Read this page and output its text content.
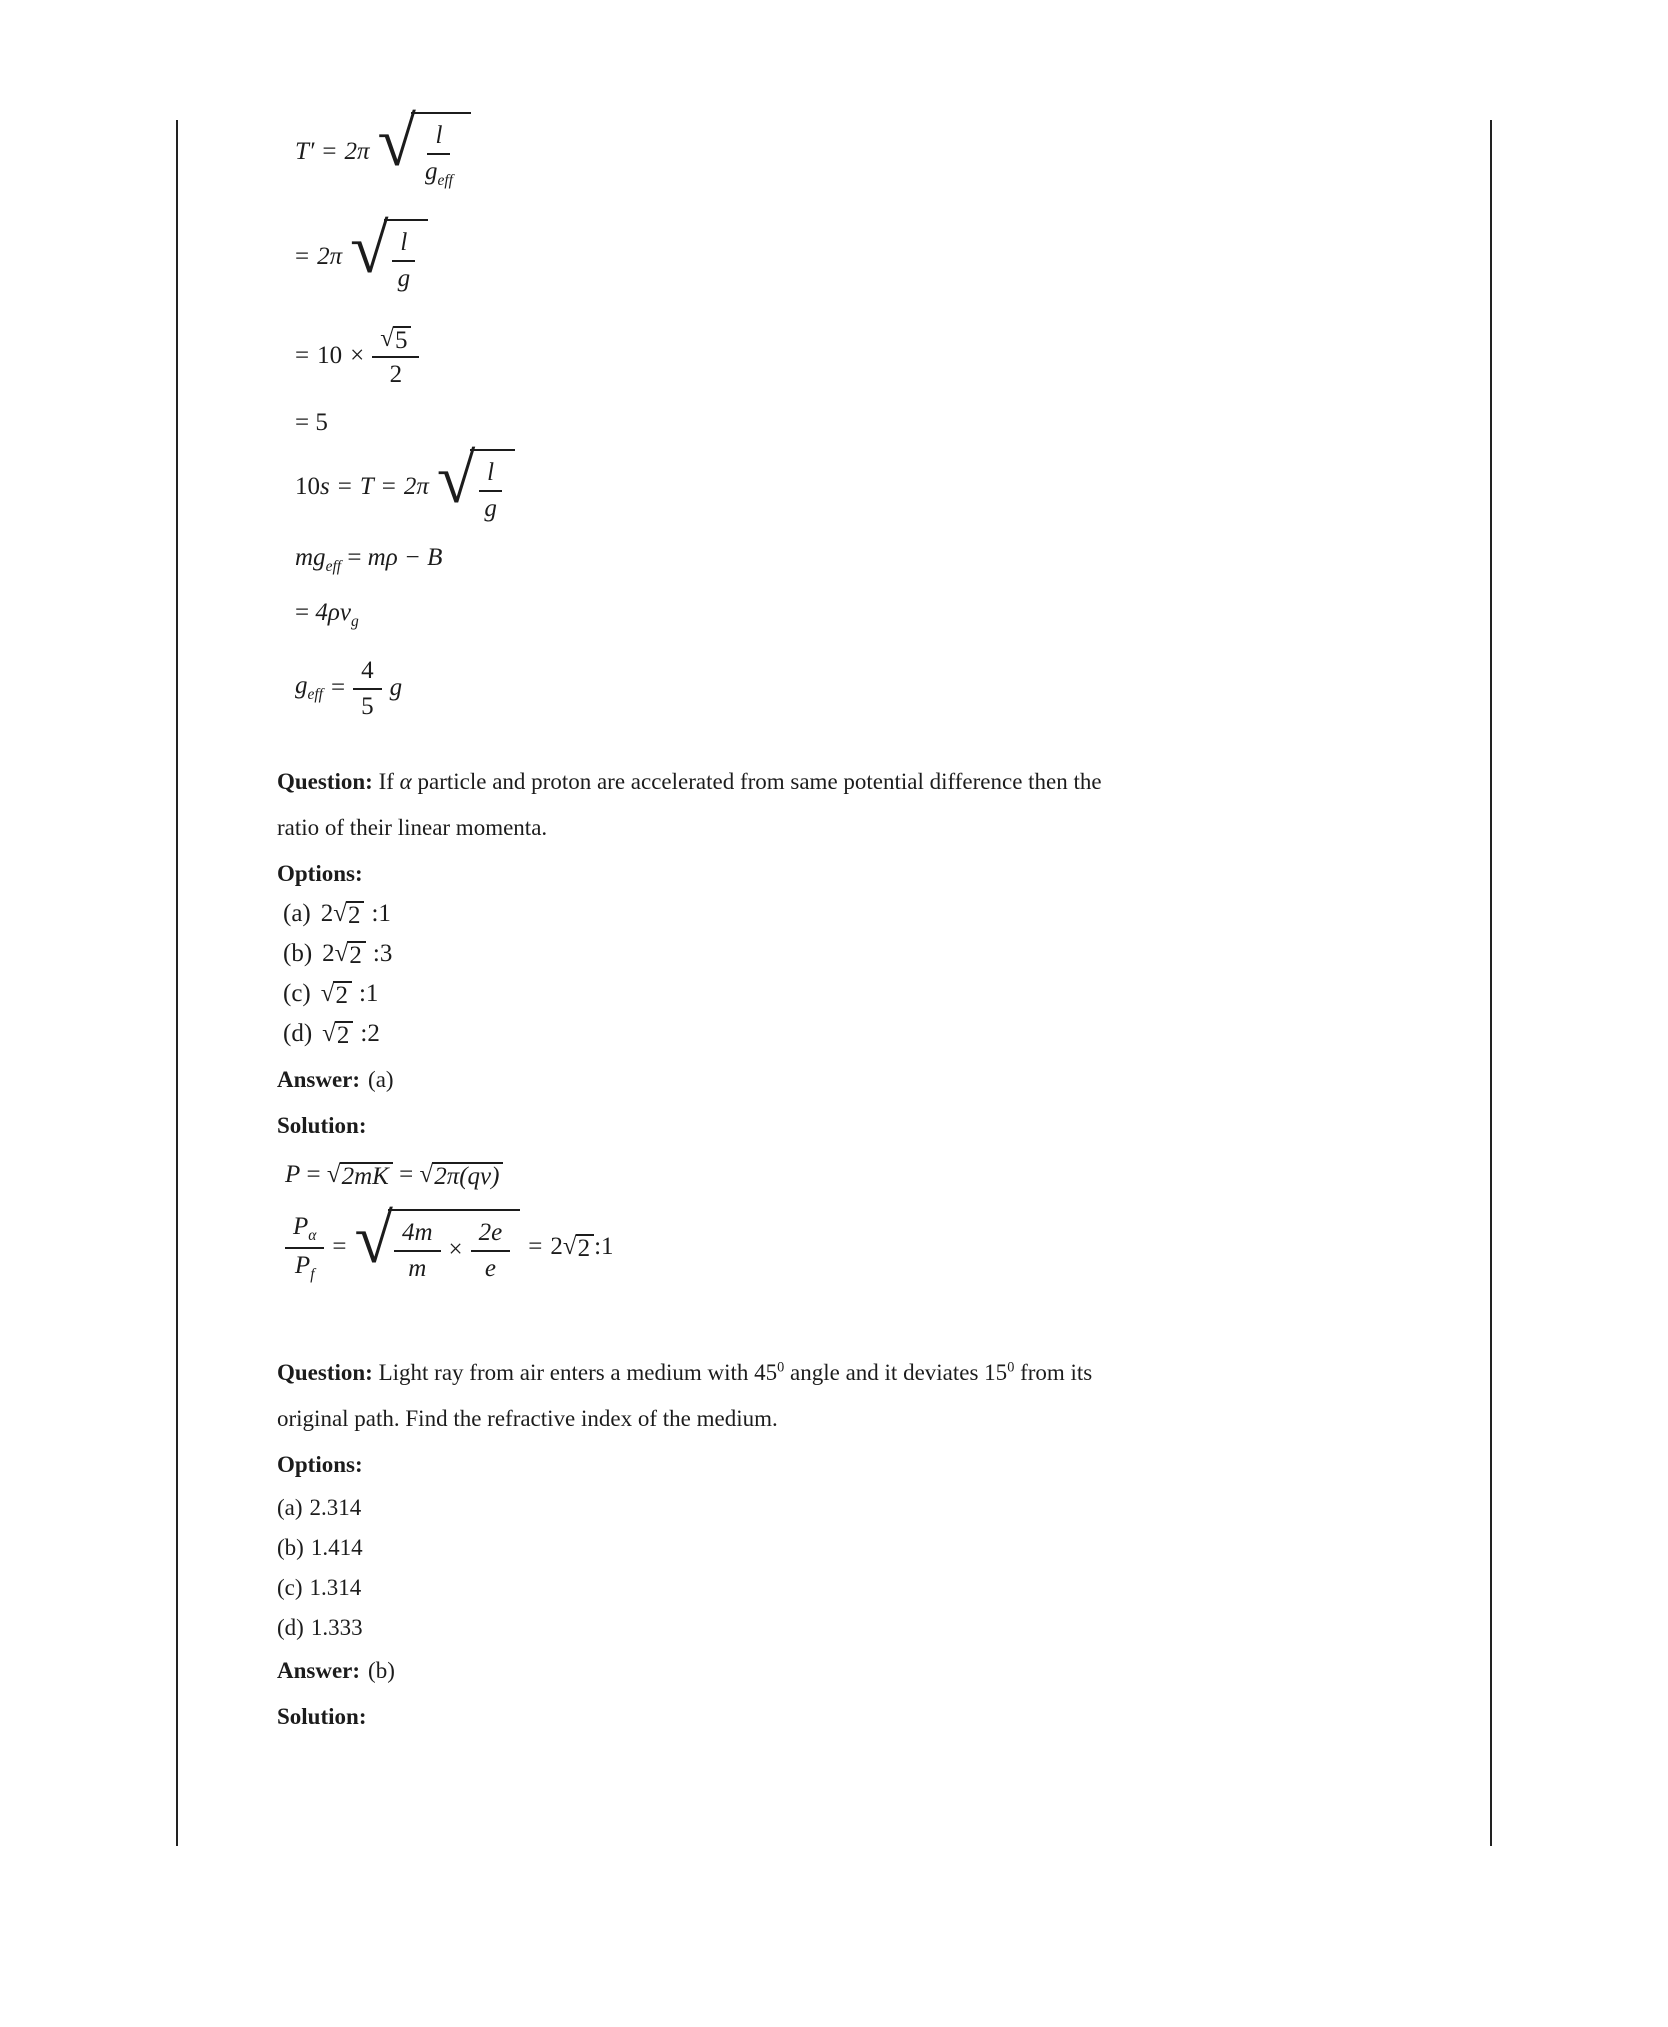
T′ = 2π √ $\frac{l}{g_{eff}}$
= 2π √ $\frac{l}{g}$
= $10 \times \frac{√ 5}{2}$
= 5
10s = T = 2π √ $\frac{l}{g}$
$mg_{eff} = m\rho - B$
= $4\rho v_g$
$g_{eff} = \frac{4}{5}$ g

Question: If α particle and proton are accelerated from same potential difference then the
ratio of their linear momenta.

Options:

(a) 2 √ 2 :1
(b) 2 √ 2 :3
(c) √ 2 :1
(d) √ 2 :2

Answer: (a)

Solution:

P = √ 2mK = √ 2π(qv)
$\frac{P_\alpha}{P_f}$ = √ $\frac{4m}{m} \times \frac{2e}{e} = 2$ √ 2 :1

Question: Light ray from air enters a medium with $45^0$ angle and it deviates $15^0$ from its
original path. Find the refractive index of the medium.

Options:

(a) 2.314

(b) 1.414

(c) 1.314

(d) 1.333

Answer: (b)

Solution:
